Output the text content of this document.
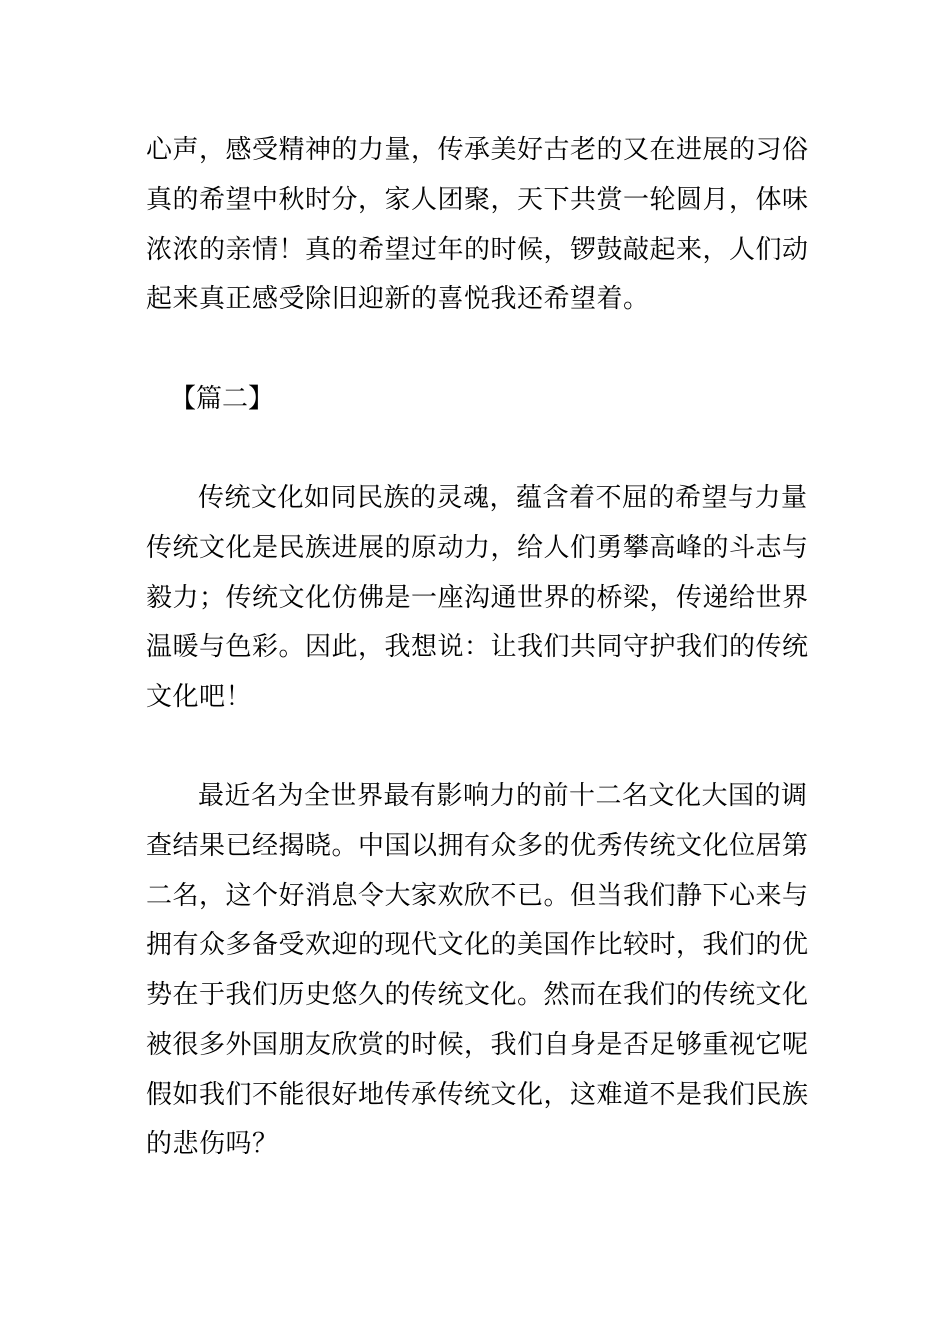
心声，感受精神的力量，传承美好古老的又在进展的习俗
真的希望中秋时分，家人团聚，天下共赏一轮圆月，体味
浓浓的亲情！真的希望过年的时候，锣鼓敲起来，人们动
起来真正感受除旧迎新的喜悦我还希望着。
【篇二】
传统文化如同民族的灵魂，蕴含着不屈的希望与力量
传统文化是民族进展的原动力，给人们勇攀高峰的斗志与
毅力；传统文化仿佛是一座沟通世界的桥梁，传递给世界
温暖与色彩。因此，我想说：让我们共同守护我们的传统
文化吧！
最近名为全世界最有影响力的前十二名文化大国的调
查结果已经揭晓。中国以拥有众多的优秀传统文化位居第
二名，这个好消息令大家欢欣不已。但当我们静下心来与
拥有众多备受欢迎的现代文化的美国作比较时，我们的优
势在于我们历史悠久的传统文化。然而在我们的传统文化
被很多外国朋友欣赏的时候，我们自身是否足够重视它呢
假如我们不能很好地传承传统文化，这难道不是我们民族
的悲伤吗？
